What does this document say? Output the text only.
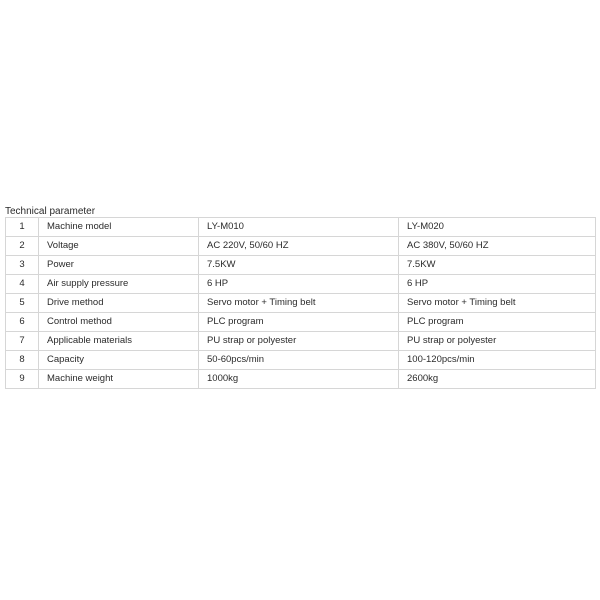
Technical parameter
1	Machine model	LY-M010	LY-M020
2	Voltage	AC 220V, 50/60 HZ	AC 380V, 50/60 HZ
3	Power	7.5KW	7.5KW
4	Air supply pressure	6 HP	6 HP
5	Drive method	Servo motor + Timing belt	Servo motor + Timing belt
6	Control method	PLC program	PLC program
7	Applicable materials	PU strap or polyester	PU strap or polyester
8	Capacity	50-60pcs/min	100-120pcs/min
9	Machine weight	1000kg	2600kg
